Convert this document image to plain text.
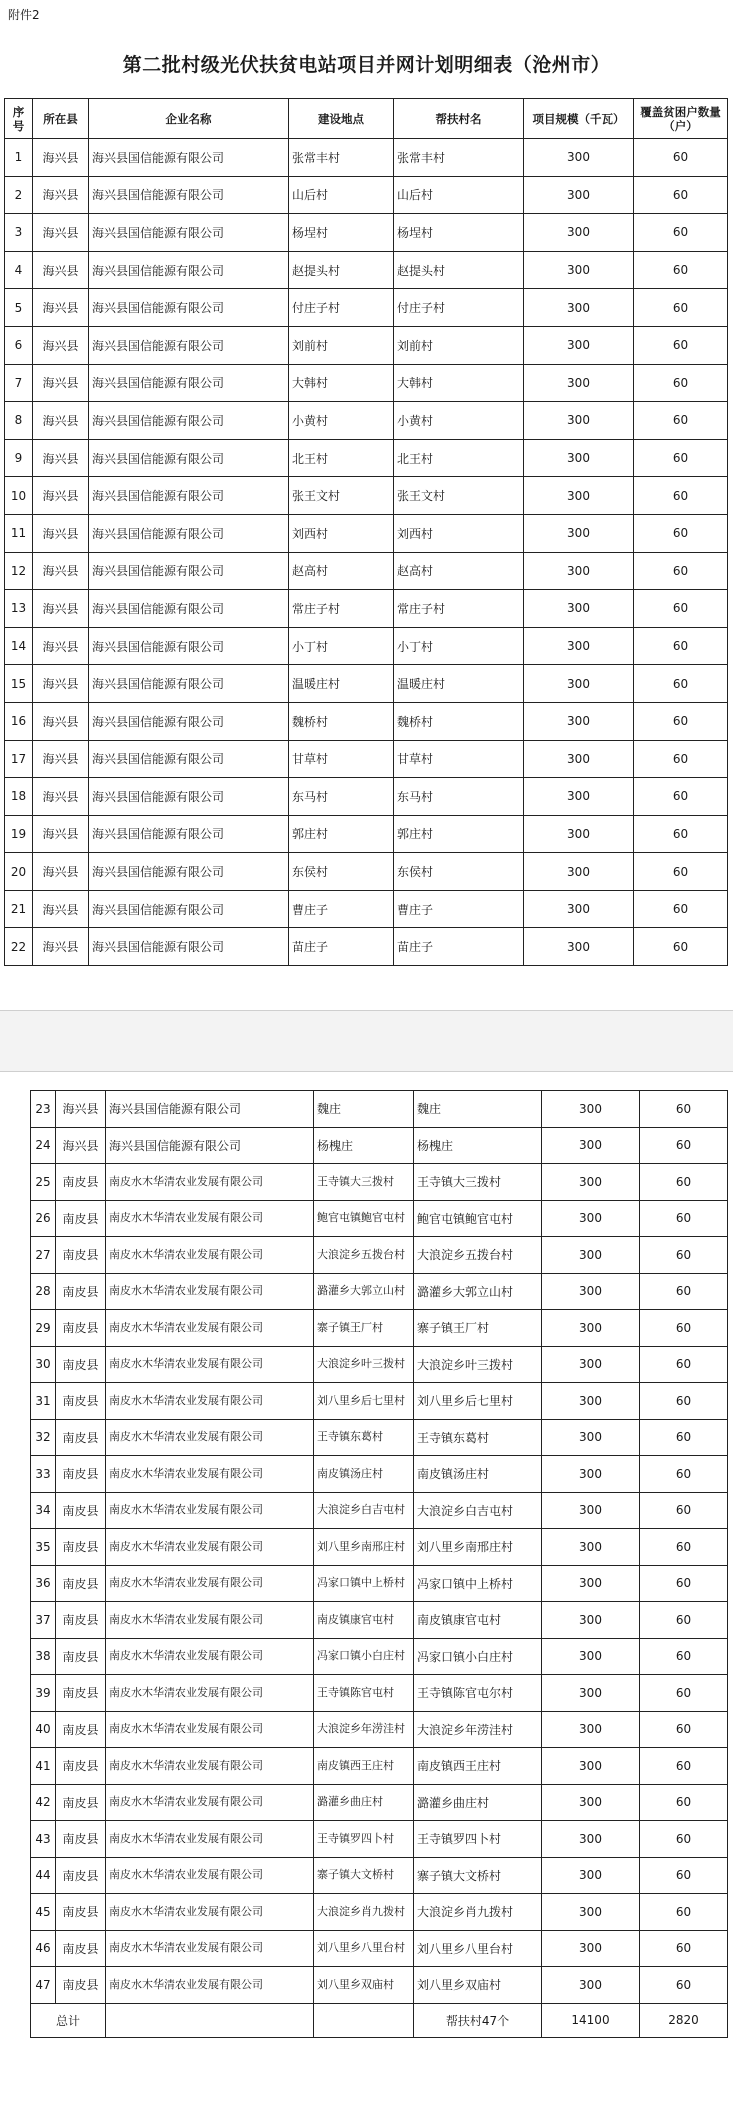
附件2
第二批村级光伏扶贫电站项目并网计划明细表（沧州市）
序号	所在县	企业名称	建设地点	帮扶村名	项目规模（千瓦）	覆盖贫困户数量（户）
1	海兴县	海兴县国信能源有限公司	张常丰村	张常丰村	300	60
2	海兴县	海兴县国信能源有限公司	山后村	山后村	300	60
3	海兴县	海兴县国信能源有限公司	杨埕村	杨埕村	300	60
4	海兴县	海兴县国信能源有限公司	赵提头村	赵提头村	300	60
5	海兴县	海兴县国信能源有限公司	付庄子村	付庄子村	300	60
6	海兴县	海兴县国信能源有限公司	刘前村	刘前村	300	60
7	海兴县	海兴县国信能源有限公司	大韩村	大韩村	300	60
8	海兴县	海兴县国信能源有限公司	小黄村	小黄村	300	60
9	海兴县	海兴县国信能源有限公司	北王村	北王村	300	60
10	海兴县	海兴县国信能源有限公司	张王文村	张王文村	300	60
11	海兴县	海兴县国信能源有限公司	刘西村	刘西村	300	60
12	海兴县	海兴县国信能源有限公司	赵高村	赵高村	300	60
13	海兴县	海兴县国信能源有限公司	常庄子村	常庄子村	300	60
14	海兴县	海兴县国信能源有限公司	小丁村	小丁村	300	60
15	海兴县	海兴县国信能源有限公司	温暖庄村	温暖庄村	300	60
16	海兴县	海兴县国信能源有限公司	魏桥村	魏桥村	300	60
17	海兴县	海兴县国信能源有限公司	甘草村	甘草村	300	60
18	海兴县	海兴县国信能源有限公司	东马村	东马村	300	60
19	海兴县	海兴县国信能源有限公司	郭庄村	郭庄村	300	60
20	海兴县	海兴县国信能源有限公司	东侯村	东侯村	300	60
21	海兴县	海兴县国信能源有限公司	曹庄子	曹庄子	300	60
22	海兴县	海兴县国信能源有限公司	苗庄子	苗庄子	300	60
23	海兴县	海兴县国信能源有限公司	魏庄	魏庄	300	60
24	海兴县	海兴县国信能源有限公司	杨槐庄	杨槐庄	300	60
25	南皮县	南皮水木华清农业发展有限公司	王寺镇大三拨村	王寺镇大三拨村	300	60
26	南皮县	南皮水木华清农业发展有限公司	鲍官屯镇鲍官屯村	鲍官屯镇鲍官屯村	300	60
27	南皮县	南皮水木华清农业发展有限公司	大浪淀乡五拨台村	大浪淀乡五拨台村	300	60
28	南皮县	南皮水木华清农业发展有限公司	潞灌乡大郭立山村	潞灌乡大郭立山村	300	60
29	南皮县	南皮水木华清农业发展有限公司	寨子镇王厂村	寨子镇王厂村	300	60
30	南皮县	南皮水木华清农业发展有限公司	大浪淀乡叶三拨村	大浪淀乡叶三拨村	300	60
31	南皮县	南皮水木华清农业发展有限公司	刘八里乡后七里村	刘八里乡后七里村	300	60
32	南皮县	南皮水木华清农业发展有限公司	王寺镇东葛村	王寺镇东葛村	300	60
33	南皮县	南皮水木华清农业发展有限公司	南皮镇汤庄村	南皮镇汤庄村	300	60
34	南皮县	南皮水木华清农业发展有限公司	大浪淀乡白吉屯村	大浪淀乡白吉屯村	300	60
35	南皮县	南皮水木华清农业发展有限公司	刘八里乡南邢庄村	刘八里乡南邢庄村	300	60
36	南皮县	南皮水木华清农业发展有限公司	冯家口镇中上桥村	冯家口镇中上桥村	300	60
37	南皮县	南皮水木华清农业发展有限公司	南皮镇康官屯村	南皮镇康官屯村	300	60
38	南皮县	南皮水木华清农业发展有限公司	冯家口镇小白庄村	冯家口镇小白庄村	300	60
39	南皮县	南皮水木华清农业发展有限公司	王寺镇陈官屯村	王寺镇陈官屯尔村	300	60
40	南皮县	南皮水木华清农业发展有限公司	大浪淀乡年涝洼村	大浪淀乡年涝洼村	300	60
41	南皮县	南皮水木华清农业发展有限公司	南皮镇西王庄村	南皮镇西王庄村	300	60
42	南皮县	南皮水木华清农业发展有限公司	潞灌乡曲庄村	潞灌乡曲庄村	300	60
43	南皮县	南皮水木华清农业发展有限公司	王寺镇罗四卜村	王寺镇罗四卜村	300	60
44	南皮县	南皮水木华清农业发展有限公司	寨子镇大文桥村	寨子镇大文桥村	300	60
45	南皮县	南皮水木华清农业发展有限公司	大浪淀乡肖九拨村	大浪淀乡肖九拨村	300	60
46	南皮县	南皮水木华清农业发展有限公司	刘八里乡八里台村	刘八里乡八里台村	300	60
47	南皮县	南皮水木华清农业发展有限公司	刘八里乡双庙村	刘八里乡双庙村	300	60
总计				帮扶村47个	14100	2820
